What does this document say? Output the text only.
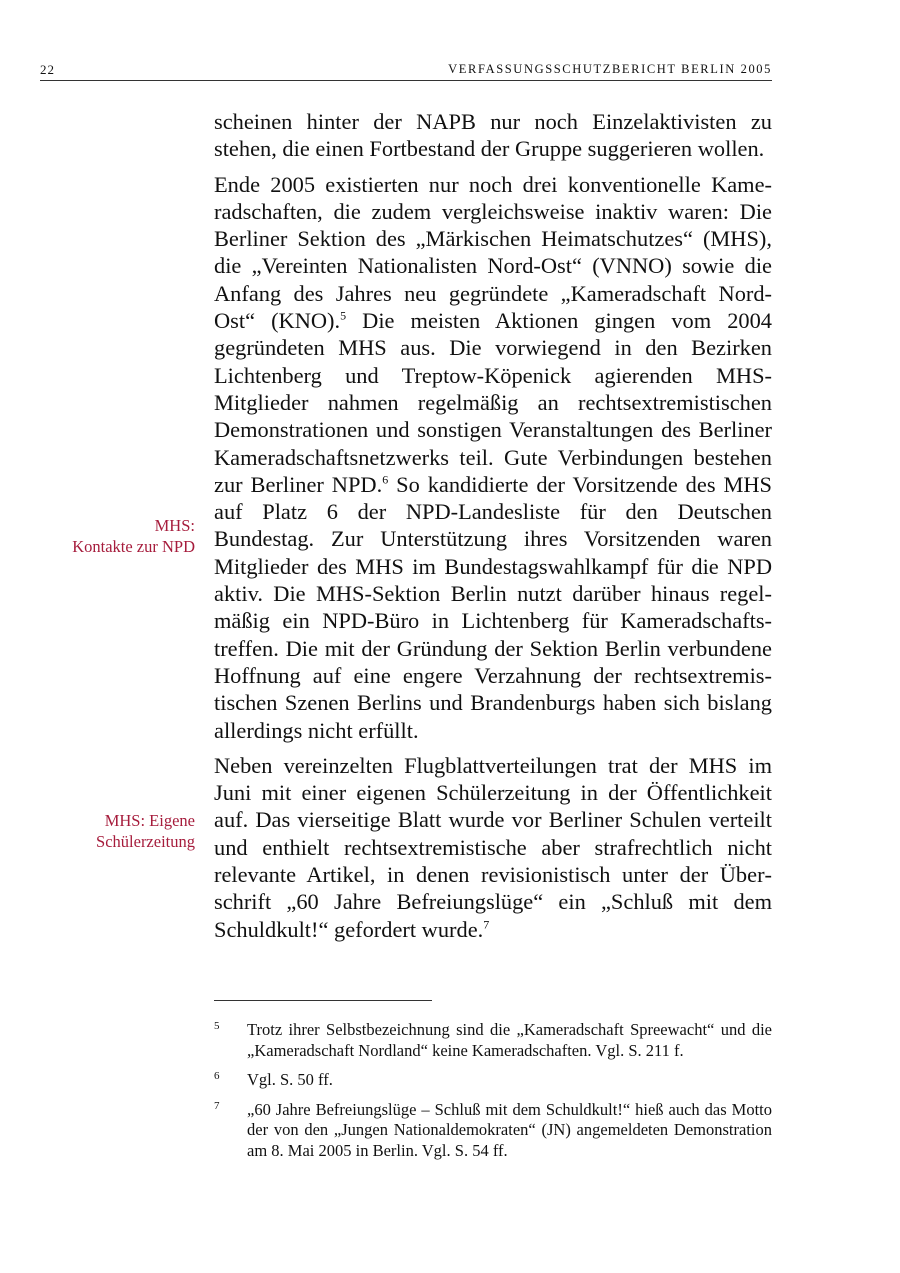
22	VERFASSUNGSSCHUTZBERICHT BERLIN 2005

scheinen hinter der NAPB nur noch Einzelaktivisten zu stehen, die einen Fortbestand der Gruppe suggerieren wollen.

Ende 2005 existierten nur noch drei konventionelle Kameradschaften, die zudem vergleichsweise inaktiv waren: Die Berliner Sektion des „Märkischen Heimatschutzes“ (MHS), die „Vereinten Nationalisten Nord-Ost“ (VNNO) sowie die Anfang des Jahres neu gegründete „Kameradschaft Nord-Ost“ (KNO).$^5$ Die meisten Aktionen gingen vom 2004 gegründeten MHS aus. Die vorwiegend in den Bezirken Lichtenberg und Treptow-Köpenick agierenden MHS-Mitglieder nahmen regelmäßig an rechtsextremistischen Demonstrationen und sonstigen Veranstaltungen des Berliner Kameradschaftsnetzwerks teil. Gute Verbindungen bestehen zur Berliner NPD.$^6$ So kandidierte der Vorsitzende des MHS auf Platz 6 der NPD-Landesliste für den Deutschen Bundestag. Zur Unterstützung ihres Vorsitzenden waren Mitglieder des MHS im Bundestagswahlkampf für die NPD aktiv. Die MHS-Sektion Berlin nutzt darüber hinaus regelmäßig ein NPD-Büro in Lichtenberg für Kameradschaftstreffen. Die mit der Gründung der Sektion Berlin verbundene Hoffnung auf eine engere Verzahnung der rechtsextremistischen Szenen Berlins und Brandenburgs haben sich bislang allerdings nicht erfüllt.

Neben vereinzelten Flugblattverteilungen trat der MHS im Juni mit einer eigenen Schülerzeitung in der Öffentlichkeit auf. Das vierseitige Blatt wurde vor Berliner Schulen verteilt und enthielt rechtsextremistische aber strafrechtlich nicht relevante Artikel, in denen revisionistisch unter der Überschrift „60 Jahre Befreiungslüge“ ein „Schluß mit dem Schuldkult!“ gefordert wurde.$^7$

MHS:
Kontakte zur NPD
MHS: Eigene
Schülerzeitung
5	Trotz ihrer Selbstbezeichnung sind die „Kameradschaft Spreewacht“ und die „Kameradschaft Nordland“ keine Kameradschaften. Vgl. S. 211 f.
6	Vgl. S. 50 ff.
7	„60 Jahre Befreiungslüge – Schluß mit dem Schuldkult!“ hieß auch das Motto der von den „Jungen Nationaldemokraten“ (JN) angemeldeten Demonstration am 8. Mai 2005 in Berlin. Vgl. S. 54 ff.
